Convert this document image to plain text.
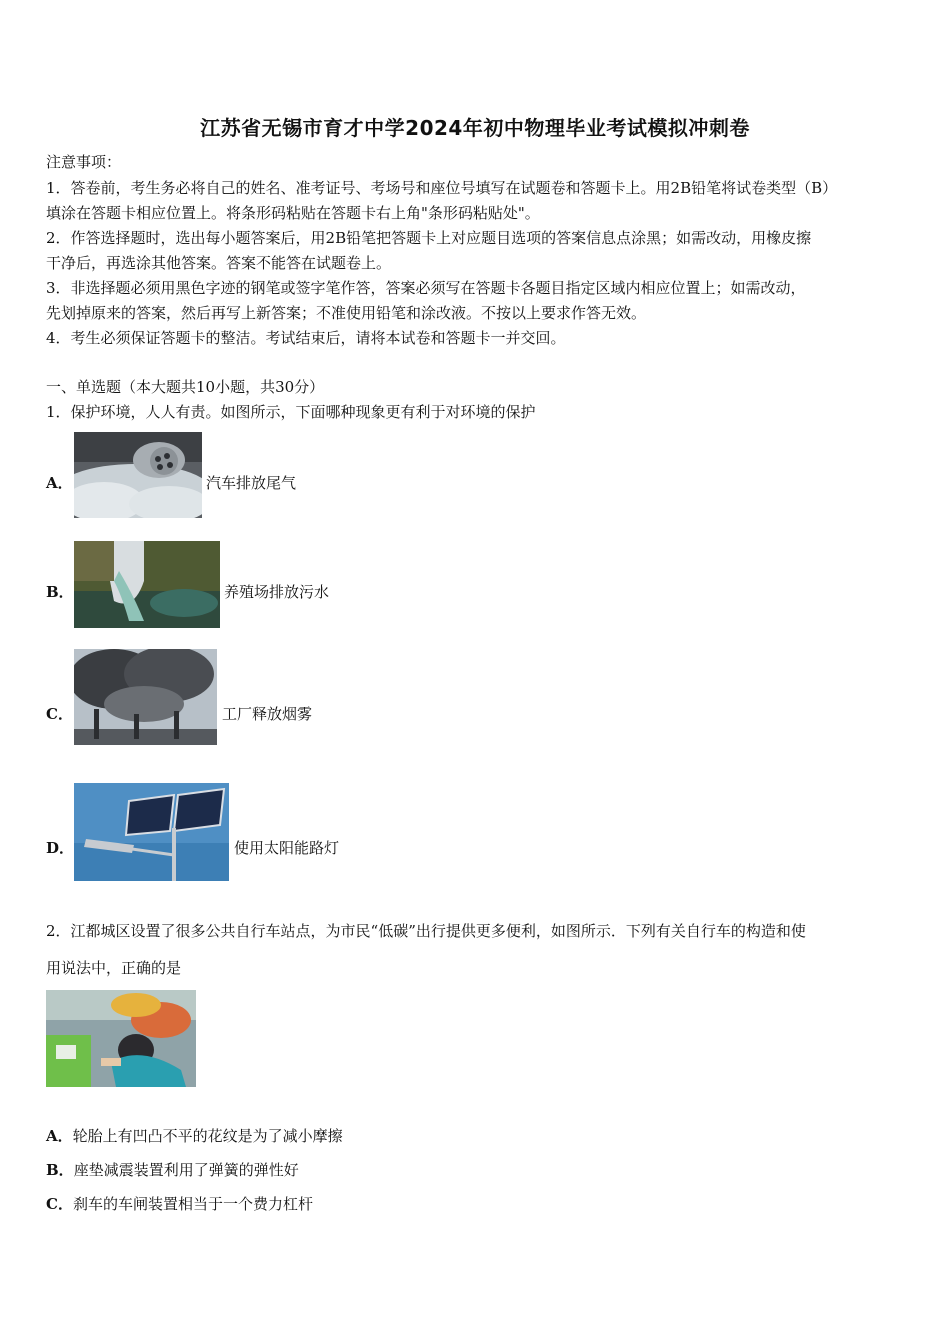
江苏省无锡市育才中学2024年初中物理毕业考试模拟冲刺卷
注意事项：
1．答卷前，考生务必将自己的姓名、准考证号、考场号和座位号填写在试题卷和答题卡上。用2B铅笔将试卷类型（B）
填涂在答题卡相应位置上。将条形码粘贴在答题卡右上角"条形码粘贴处"。
2．作答选择题时，选出每小题答案后，用2B铅笔把答题卡上对应题目选项的答案信息点涂黑；如需改动，用橡皮擦
干净后，再选涂其他答案。答案不能答在试题卷上。
3．非选择题必须用黑色字迹的钢笔或签字笔作答，答案必须写在答题卡各题目指定区域内相应位置上；如需改动，
先划掉原来的答案，然后再写上新答案；不准使用铅笔和涂改液。不按以上要求作答无效。
4．考生必须保证答题卡的整洁。考试结束后，请将本试卷和答题卡一并交回。
一、单选题（本大题共10小题，共30分）
1．保护环境，人人有责。如图所示，下面哪种现象更有利于对环境的保护
A．	汽车排放尾气
B．	养殖场排放污水
C．	工厂释放烟雾
D．	使用太阳能路灯
2．江都城区设置了很多公共自行车站点，为市民“低碳”出行提供更多便利，如图所示．下列有关自行车的构造和使
用说法中，正确的是
A．轮胎上有凹凸不平的花纹是为了减小摩擦
B．座垫减震装置利用了弹簧的弹性好
C．刹车的车闸装置相当于一个费力杠杆
